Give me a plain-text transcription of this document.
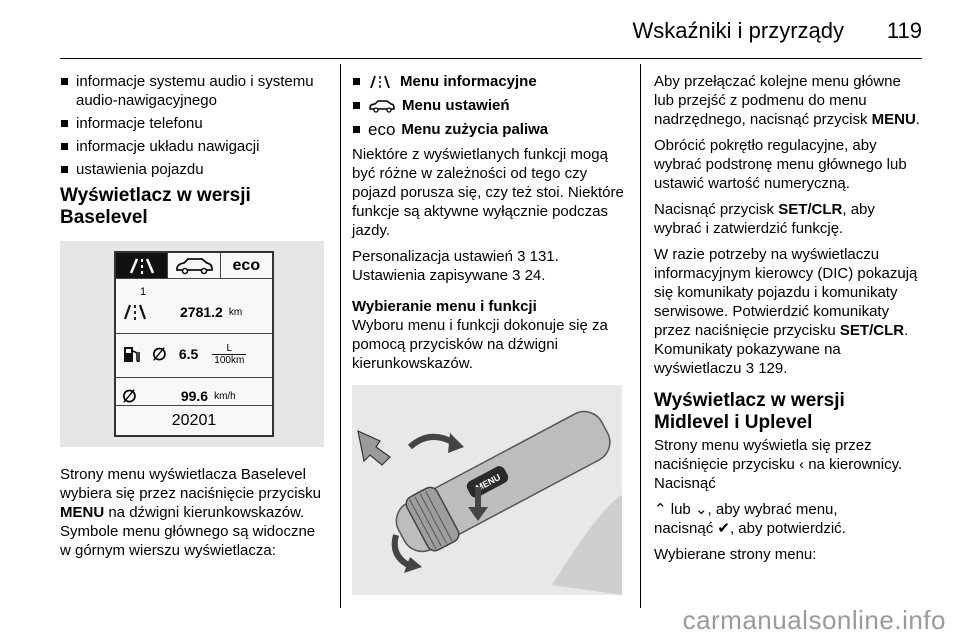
Wskaźniki i przyrządy 119
informacje systemu audio i systemu audio-nawigacyjnego
informacje telefonu
informacje układu nawigacji
ustawienia pojazdu
Wyświetlacz w wersji Baselevel
eco
1
2781.2 km
∅ 6.5	L
100km
∅	99.6 km/h
20201

Strony menu wyświetlacza Baselevel wybiera się przez naciśnięcie przycisku MENU na dźwigni kierunkowskazów. Symbole menu głównego są widoczne w górnym wierszu wyświetlacza:

Menu informacyjne
Menu ustawień
eco Menu zużycia paliwa

Niektóre z wyświetlanych funkcji mogą być różne w zależności od tego czy pojazd porusza się, czy też stoi. Niektóre funkcje są aktywne wyłącznie podczas jazdy.

Personalizacja ustawień 3 131.
Ustawienia zapisywane 3 24.

Wybieranie menu i funkcji

Wyboru menu i funkcji dokonuje się za pomocą przycisków na dźwigni kierunkowskazów.

MENU

Aby przełączać kolejne menu główne lub przejść z podmenu do menu nadrzędnego, nacisnąć przycisk MENU.

Obrócić pokrętło regulacyjne, aby wybrać podstronę menu głównego lub ustawić wartość numeryczną.

Nacisnąć przycisk SET/CLR, aby wybrać i zatwierdzić funkcję.

W razie potrzeby na wyświetlaczu informacyjnym kierowcy (DIC) pokazują się komunikaty pojazdu i komunikaty serwisowe. Potwierdzić komunikaty przez naciśnięcie przycisku SET/CLR. Komunikaty pokazywane na wyświetlaczu 3 129.

Wyświetlacz w wersji Midlevel i Uplevel

Strony menu wyświetla się przez naciśnięcie przycisku ‹ na kierownicy. Nacisnąć

⌃ lub ⌄, aby wybrać menu,
nacisnąć ✔, aby potwierdzić.

Wybierane strony menu:

carmanualsonline.info
